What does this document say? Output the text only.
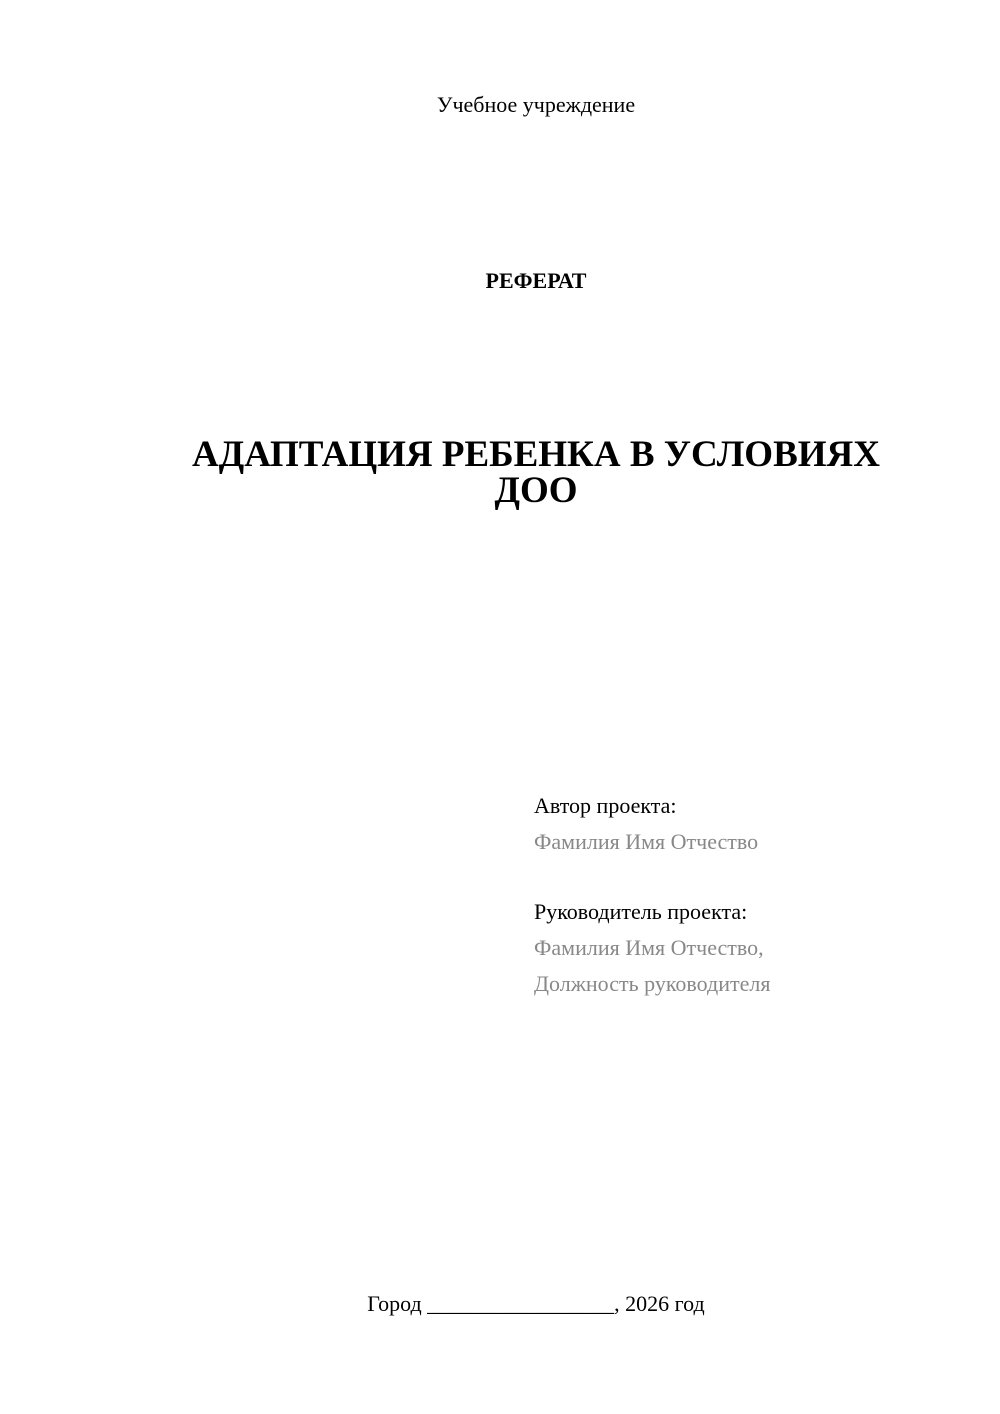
Учебное учреждение
РЕФЕРАТ
АДАПТАЦИЯ РЕБЕНКА В УСЛОВИЯХ
ДОО
Автор проекта:
Фамилия Имя Отчество
Руководитель проекта:
Фамилия Имя Отчество,
Должность руководителя
Город _________________, 2026 год
